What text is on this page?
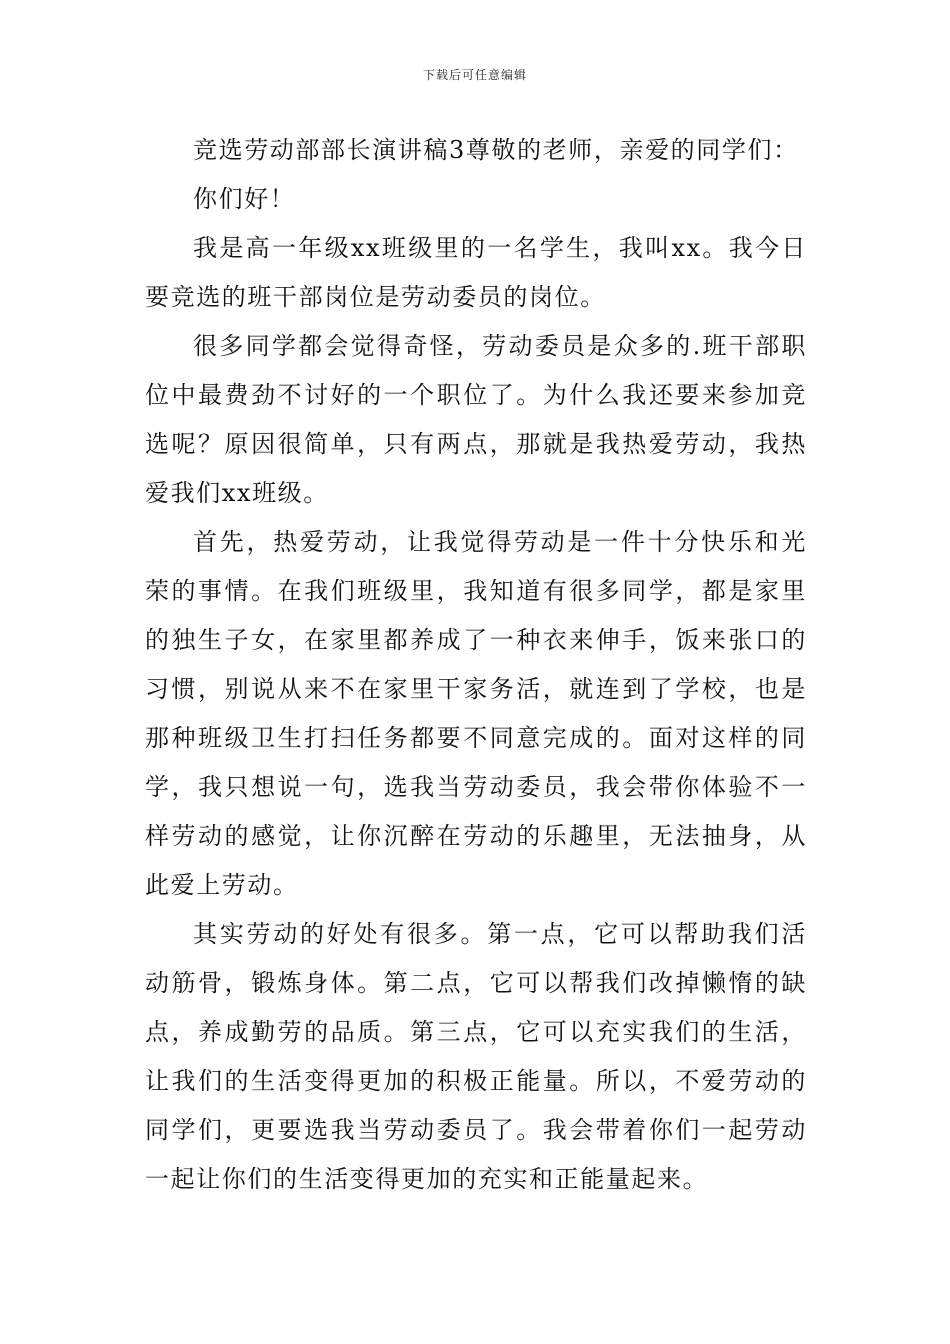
下载后可任意编辑

竞选劳动部部长演讲稿3尊敬的老师，亲爱的同学们：

你们好！

我是高一年级xx班级里的一名学生，我叫xx。我今日要竞选的班干部岗位是劳动委员的岗位。

很多同学都会觉得奇怪，劳动委员是众多的.班干部职位中最费劲不讨好的一个职位了。为什么我还要来参加竞选呢？原因很简单，只有两点，那就是我热爱劳动，我热爱我们xx班级。

首先，热爱劳动，让我觉得劳动是一件十分快乐和光荣的事情。在我们班级里，我知道有很多同学，都是家里的独生子女，在家里都养成了一种衣来伸手，饭来张口的习惯，别说从来不在家里干家务活，就连到了学校，也是那种班级卫生打扫任务都要不同意完成的。面对这样的同学，我只想说一句，选我当劳动委员，我会带你体验不一样劳动的感觉，让你沉醉在劳动的乐趣里，无法抽身，从此爱上劳动。

其实劳动的好处有很多。第一点，它可以帮助我们活动筋骨，锻炼身体。第二点，它可以帮我们改掉懒惰的缺点，养成勤劳的品质。第三点，它可以充实我们的生活，让我们的生活变得更加的积极正能量。所以，不爱劳动的同学们，更要选我当劳动委员了。我会带着你们一起劳动一起让你们的生活变得更加的充实和正能量起来。
